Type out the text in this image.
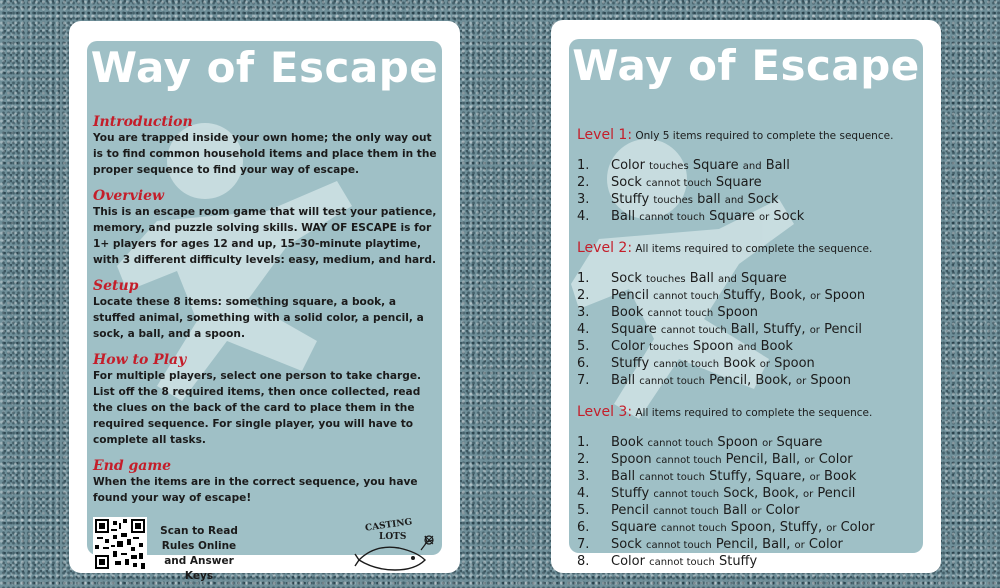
Way of Escape

Introduction

You are trapped inside your own home; the only way out is to find common household items and place them in the proper sequence to find your way of escape.

Overview

This is an escape room game that will test your patience, memory, and puzzle solving skills. WAY OF ESCAPE is for 1+ players for ages 12 and up, 15–30-minute playtime, with 3 different difficulty levels: easy, medium, and hard.

Setup

Locate these 8 items: something square, a book, a stuffed animal, something with a solid color, a pencil, a sock, a ball, and a spoon.

How to Play

For multiple players, select one person to take charge. List off the 8 required items, then once collected, read the clues on the back of the card to place them in the required sequence. For single player, you will have to complete all tasks.

End game

When the items are in the correct sequence, you have found your way of escape!

Scan to Read
Rules Online
and Answer Keys
CASTING
LOTS
Way of Escape
Level 1: Only 5 items required to complete the sequence.
1.	Color touches Square and Ball
2.	Sock cannot touch Square
3.	Stuffy touches ball and Sock
4.	Ball cannot touch Square or Sock
Level 2: All items required to complete the sequence.
1.	Sock touches Ball and Square
2.	Pencil cannot touch Stuffy, Book, or Spoon
3.	Book cannot touch Spoon
4.	Square cannot touch Ball, Stuffy, or Pencil
5.	Color touches Spoon and Book
6.	Stuffy cannot touch Book or Spoon
7.	Ball cannot touch Pencil, Book, or Spoon
Level 3: All items required to complete the sequence.
1.	Book cannot touch Spoon or Square
2.	Spoon cannot touch Pencil, Ball, or Color
3.	Ball cannot touch Stuffy, Square, or Book
4.	Stuffy cannot touch Sock, Book, or Pencil
5.	Pencil cannot touch Ball or Color
6.	Square cannot touch Spoon, Stuffy, or Color
7.	Sock cannot touch Pencil, Ball, or Color
8.	Color cannot touch Stuffy
